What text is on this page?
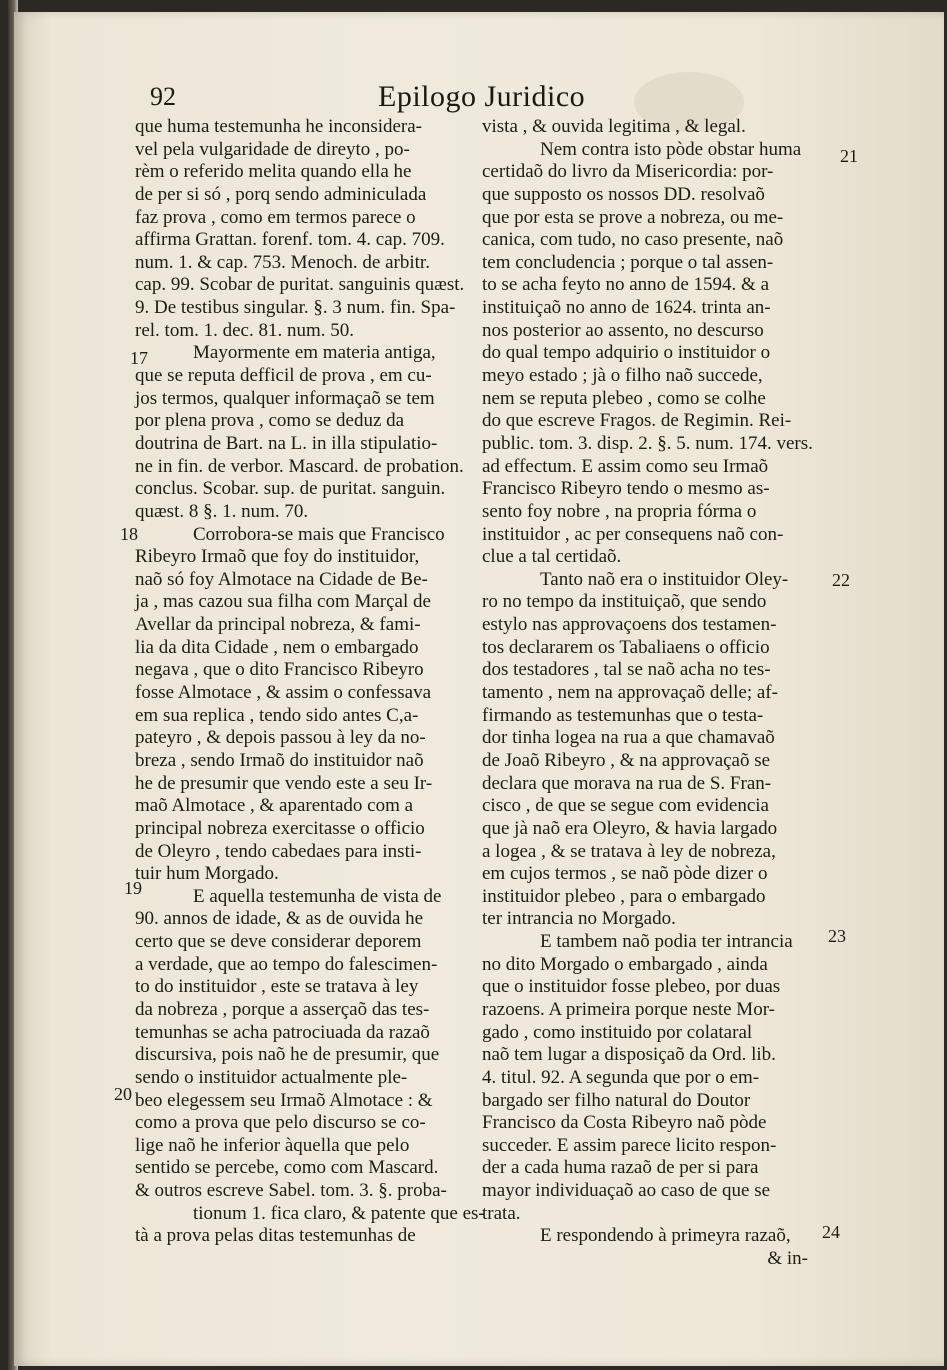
92	Epilogo Juridico
que huma testemunha he inconsidera-
vel pela vulgaridade de direyto , po-
rèm o referido melita quando ella he
de per si só , porq sendo adminiculada
faz prova , como em termos parece o
affirma Grattan. forenf. tom. 4. cap. 709.
num. 1. & cap. 753. Menoch. de arbitr.
cap. 99. Scobar de puritat. sanguinis quæst.
9. De testibus singular. §. 3 num. fin. Spa-
rel. tom. 1. dec. 81. num. 50.
Mayormente em materia antiga,
que se reputa defficil de prova , em cu-
jos termos, qualquer informaçaõ se tem
por plena prova , como se deduz da
doutrina de Bart. na L. in illa stipulatio-
ne in fin. de verbor. Mascard. de probation.
conclus. Scobar. sup. de puritat. sanguin.
quæst. 8 §. 1. num. 70.
Corrobora-se mais que Francisco
Ribeyro Irmaõ que foy do instituidor,
naõ só foy Almotace na Cidade de Be-
ja , mas cazou sua filha com Marçal de
Avellar da principal nobreza, & fami-
lia da dita Cidade , nem o embargado
negava , que o dito Francisco Ribeyro
fosse Almotace , & assim o confessava
em sua replica , tendo sido antes C,a-
pateyro , & depois passou à ley da no-
breza , sendo Irmaõ do instituidor naõ
he de presumir que vendo este a seu Ir-
maõ Almotace , & aparentado com a
principal nobreza exercitasse o officio
de Oleyro , tendo cabedaes para insti-
tuir hum Morgado.
E aquella testemunha de vista de
90. annos de idade, & as de ouvida he
certo que se deve considerar deporem
a verdade, que ao tempo do falescimen-
to do instituidor , este se tratava à ley
da nobreza , porque a asserçaõ das tes-
temunhas se acha patrociuada da razaõ
discursiva, pois naõ he de presumir, que
sendo o instituidor actualmente ple-
beo elegessem seu Irmaõ Almotace : &
como a prova que pelo discurso se co-
lige naõ he inferior àquella que pelo
sentido se percebe, como com Mascard.
& outros escreve Sabel. tom. 3. §. proba-
tionum 1. fica claro, & patente que es-
tà a prova pelas ditas testemunhas de
vista , & ouvida legitima , & legal.
Nem contra isto pòde obstar huma
certidaõ do livro da Misericordia: por-
que supposto os nossos DD. resolvaõ
que por esta se prove a nobreza, ou me-
canica, com tudo, no caso presente, naõ
tem concludencia ; porque o tal assen-
to se acha feyto no anno de 1594. & a
instituiçaõ no anno de 1624. trinta an-
nos posterior ao assento, no descurso
do qual tempo adquirio o instituidor o
meyo estado ; jà o filho naõ succede,
nem se reputa plebeo , como se colhe
do que escreve Fragos. de Regimin. Rei-
public. tom. 3. disp. 2. §. 5. num. 174. vers.
ad effectum. E assim como seu Irmaõ
Francisco Ribeyro tendo o mesmo as-
sento foy nobre , na propria fórma o
instituidor , ac per consequens naõ con-
clue a tal certidaõ.
Tanto naõ era o instituidor Oley-
ro no tempo da instituiçaõ, que sendo
estylo nas approvaçoens dos testamen-
tos declararem os Tabaliaens o officio
dos testadores , tal se naõ acha no tes-
tamento , nem na approvaçaõ delle; af-
firmando as testemunhas que o testa-
dor tinha logea na rua a que chamavaõ
de Joaõ Ribeyro , & na approvaçaõ se
declara que morava na rua de S. Fran-
cisco , de que se segue com evidencia
que jà naõ era Oleyro, & havia largado
a logea , & se tratava à ley de nobreza,
em cujos termos , se naõ pòde dizer o
instituidor plebeo , para o embargado
ter intrancia no Morgado.
E tambem naõ podia ter intrancia
no dito Morgado o embargado , ainda
que o instituidor fosse plebeo, por duas
razoens. A primeira porque neste Mor-
gado , como instituido por colataral
naõ tem lugar a disposiçaõ da Ord. lib.
4. titul. 92. A segunda que por o em-
bargado ser filho natural do Doutor
Francisco da Costa Ribeyro naõ pòde
succeder. E assim parece licito respon-
der a cada huma razaõ de per si para
mayor individuaçaõ ao caso de que se
trata.
E respondendo à primeyra razaõ,
& in-
17
18
19
20
21
22
23
24
